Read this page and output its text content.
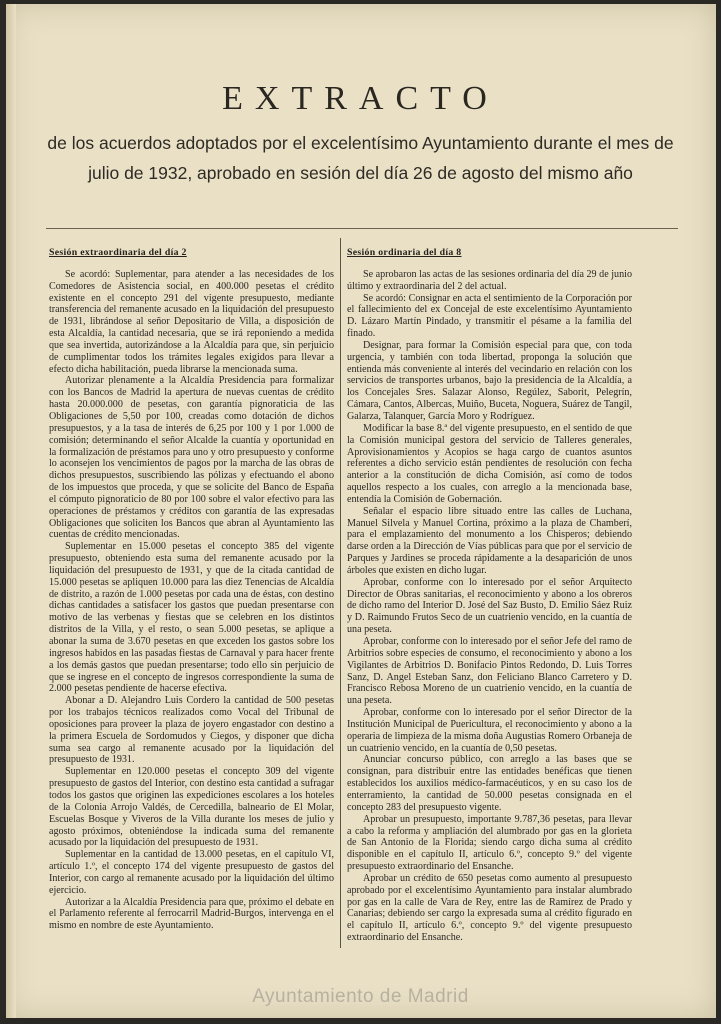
EXTRACTO
de los acuerdos adoptados por el excelentísimo Ayuntamiento durante el mes de julio de 1932, aprobado en sesión del día 26 de agosto del mismo año
Sesión extraordinaria del día 2

Se acordó: Suplementar, para atender a las necesidades de los Comedores de Asistencia social, en 400.000 pesetas el crédito existente en el concepto 291 del vigente presupuesto, mediante transferencia del remanente acusado en la liquidación del presupuesto de 1931, librándose al señor Depositario de Villa, a disposición de esta Alcaldía, la cantidad necesaria, que se irá reponiendo a medida que sea invertida, autorizándose a la Alcaldía para que, sin perjuicio de cumplimentar todos los trámites legales exigidos para llevar a efecto dicha habilitación, pueda librarse la mencionada suma.

Autorizar plenamente a la Alcaldía Presidencia para formalizar con los Bancos de Madrid la apertura de nuevas cuentas de crédito hasta 20.000.000 de pesetas, con garantía pignoraticia de las Obligaciones de 5,50 por 100, creadas como dotación de dichos presupuestos, y a la tasa de interés de 6,25 por 100 y 1 por 1.000 de comisión; determinando el señor Alcalde la cuantía y oportunidad en la formalización de préstamos para uno y otro presupuesto y conforme lo aconsejen los vencimientos de pagos por la marcha de las obras de dichos presupuestos, suscribiendo las pólizas y efectuando el abono de los impuestos que proceda, y que se solicite del Banco de España el cómputo pignoraticio de 80 por 100 sobre el valor efectivo para las operaciones de préstamos y créditos con garantía de las expresadas Obligaciones que soliciten los Bancos que abran al Ayuntamiento las cuentas de crédito mencionadas.

Suplementar en 15.000 pesetas el concepto 385 del vigente presupuesto, obteniendo esta suma del remanente acusado por la liquidación del presupuesto de 1931, y que de la citada cantidad de 15.000 pesetas se apliquen 10.000 para las diez Tenencias de Alcaldía de distrito, a razón de 1.000 pesetas por cada una de éstas, con destino dichas cantidades a satisfacer los gastos que puedan presentarse con motivo de las verbenas y fiestas que se celebren en los distintos distritos de la Villa, y el resto, o sean 5.000 pesetas, se aplique a abonar la suma de 3.670 pesetas en que exceden los gastos sobre los ingresos habidos en las pasadas fiestas de Carnaval y para hacer frente a los demás gastos que puedan presentarse; todo ello sin perjuicio de que se ingrese en el concepto de ingresos correspondiente la suma de 2.000 pesetas pendiente de hacerse efectiva.

Abonar a D. Alejandro Luis Cordero la cantidad de 500 pesetas por los trabajos técnicos realizados como Vocal del Tribunal de oposiciones para proveer la plaza de joyero engastador con destino a la primera Escuela de Sordomudos y Ciegos, y disponer que dicha suma sea cargo al remanente acusado por la liquidación del presupuesto de 1931.

Suplementar en 120.000 pesetas el concepto 309 del vigente presupuesto de gastos del Interior, con destino esta cantidad a sufragar todos los gastos que originen las expediciones escolares a los hoteles de la Colonia Arrojo Valdés, de Cercedilla, balneario de El Molar, Escuelas Bosque y Viveros de la Villa durante los meses de julio y agosto próximos, obteniéndose la indicada suma del remanente acusado por la liquidación del presupuesto de 1931.

Suplementar en la cantidad de 13.000 pesetas, en el capítulo VI, artículo 1.º, el concepto 174 del vigente presupuesto de gastos del Interior, con cargo al remanente acusado por la liquidación del último ejercicio.

Autorizar a la Alcaldía Presidencia para que, próximo el debate en el Parlamento referente al ferrocarril Madrid-Burgos, intervenga en el mismo en nombre de este Ayuntamiento.

Sesión ordinaria del día 8

Se aprobaron las actas de las sesiones ordinaria del día 29 de junio último y extraordinaria del 2 del actual.

Se acordó: Consignar en acta el sentimiento de la Corporación por el fallecimiento del ex Concejal de este excelentísimo Ayuntamiento D. Lázaro Martín Pindado, y transmitir el pésame a la familia del finado.

Designar, para formar la Comisión especial para que, con toda urgencia, y también con toda libertad, proponga la solución que entienda más conveniente al interés del vecindario en relación con los servicios de transportes urbanos, bajo la presidencia de la Alcaldía, a los Concejales Sres. Salazar Alonso, Regúlez, Saborit, Pelegrín, Cámara, Cantos, Albercas, Muiño, Buceta, Noguera, Suárez de Tangil, Galarza, Talanquer, García Moro y Rodríguez.

Modificar la base 8.ª del vigente presupuesto, en el sentido de que la Comisión municipal gestora del servicio de Talleres generales, Aprovisionamientos y Acopios se haga cargo de cuantos asuntos referentes a dicho servicio están pendientes de resolución con fecha anterior a la constitución de dicha Comisión, así como de todos aquellos respecto a los cuales, con arreglo a la mencionada base, entendía la Comisión de Gobernación.

Señalar el espacio libre situado entre las calles de Luchana, Manuel Silvela y Manuel Cortina, próximo a la plaza de Chamberí, para el emplazamiento del monumento a los Chisperos; debiendo darse orden a la Dirección de Vías públicas para que por el servicio de Parques y Jardines se proceda rápidamente a la desaparición de unos árboles que existen en dicho lugar.

Aprobar, conforme con lo interesado por el señor Arquitecto Director de Obras sanitarias, el reconocimiento y abono a los obreros de dicho ramo del Interior D. José del Saz Busto, D. Emilio Sáez Ruiz y D. Raimundo Frutos Seco de un cuatrienio vencido, en la cuantía de una peseta.

Aprobar, conforme con lo interesado por el señor Jefe del ramo de Arbitrios sobre especies de consumo, el reconocimiento y abono a los Vigilantes de Arbitrios D. Bonifacio Pintos Redondo, D. Luis Torres Sanz, D. Angel Esteban Sanz, don Feliciano Blanco Carretero y D. Francisco Rebosa Moreno de un cuatrienio vencido, en la cuantía de una peseta.

Aprobar, conforme con lo interesado por el señor Director de la Institución Municipal de Puericultura, el reconocimiento y abono a la operaria de limpieza de la misma doña Augustias Romero Orbaneja de un cuatrienio vencido, en la cuantía de 0,50 pesetas.

Anunciar concurso público, con arreglo a las bases que se consignan, para distribuir entre las entidades benéficas que tienen establecidos los auxilios médico-farmacéuticos, y en su caso los de enterramiento, la cantidad de 50.000 pesetas consignada en el concepto 283 del presupuesto vigente.

Aprobar un presupuesto, importante 9.787,36 pesetas, para llevar a cabo la reforma y ampliación del alumbrado por gas en la glorieta de San Antonio de la Florida; siendo cargo dicha suma al crédito disponible en el capítulo II, artículo 6.º, concepto 9.º del vigente presupuesto extraordinario del Ensanche.

Aprobar un crédito de 650 pesetas como aumento al presupuesto aprobado por el excelentísimo Ayuntamiento para instalar alumbrado por gas en la calle de Vara de Rey, entre las de Ramírez de Prado y Canarias; debiendo ser cargo la expresada suma al crédito figurado en el capítulo II, artículo 6.º, concepto 9.º del vigente presupuesto extraordinario del Ensanche.

Ayuntamiento de Madrid
